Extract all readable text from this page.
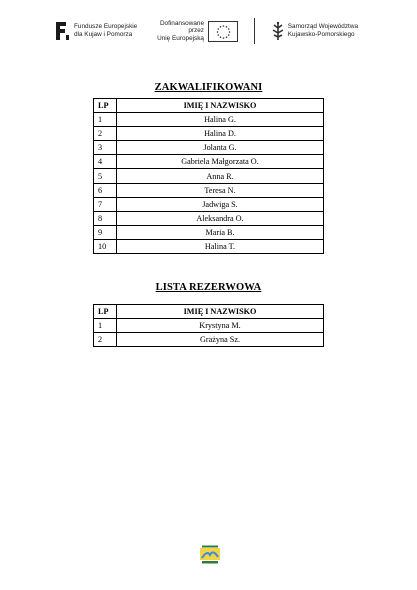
Fundusze Europejskie
dla Kujaw i Pomorza
Dofinansowane przez
Unię Europejską
Samorząd Województwa
Kujawsko-Pomorskiego
ZAKWALIFIKOWANI
LP	IMIĘ I NAZWISKO
1	Halina G.
2	Halina D.
3	Jolanta G.
4	Gabriela Małgorzata O.
5	Anna R.
6	Teresa N.
7	Jadwiga S.
8	Aleksandra O.
9	Maria B.
10	Halina T.
LISTA REZERWOWA
LP	IMIĘ I NAZWISKO
1	Krystyna M.
2	Grażyna Sz.
